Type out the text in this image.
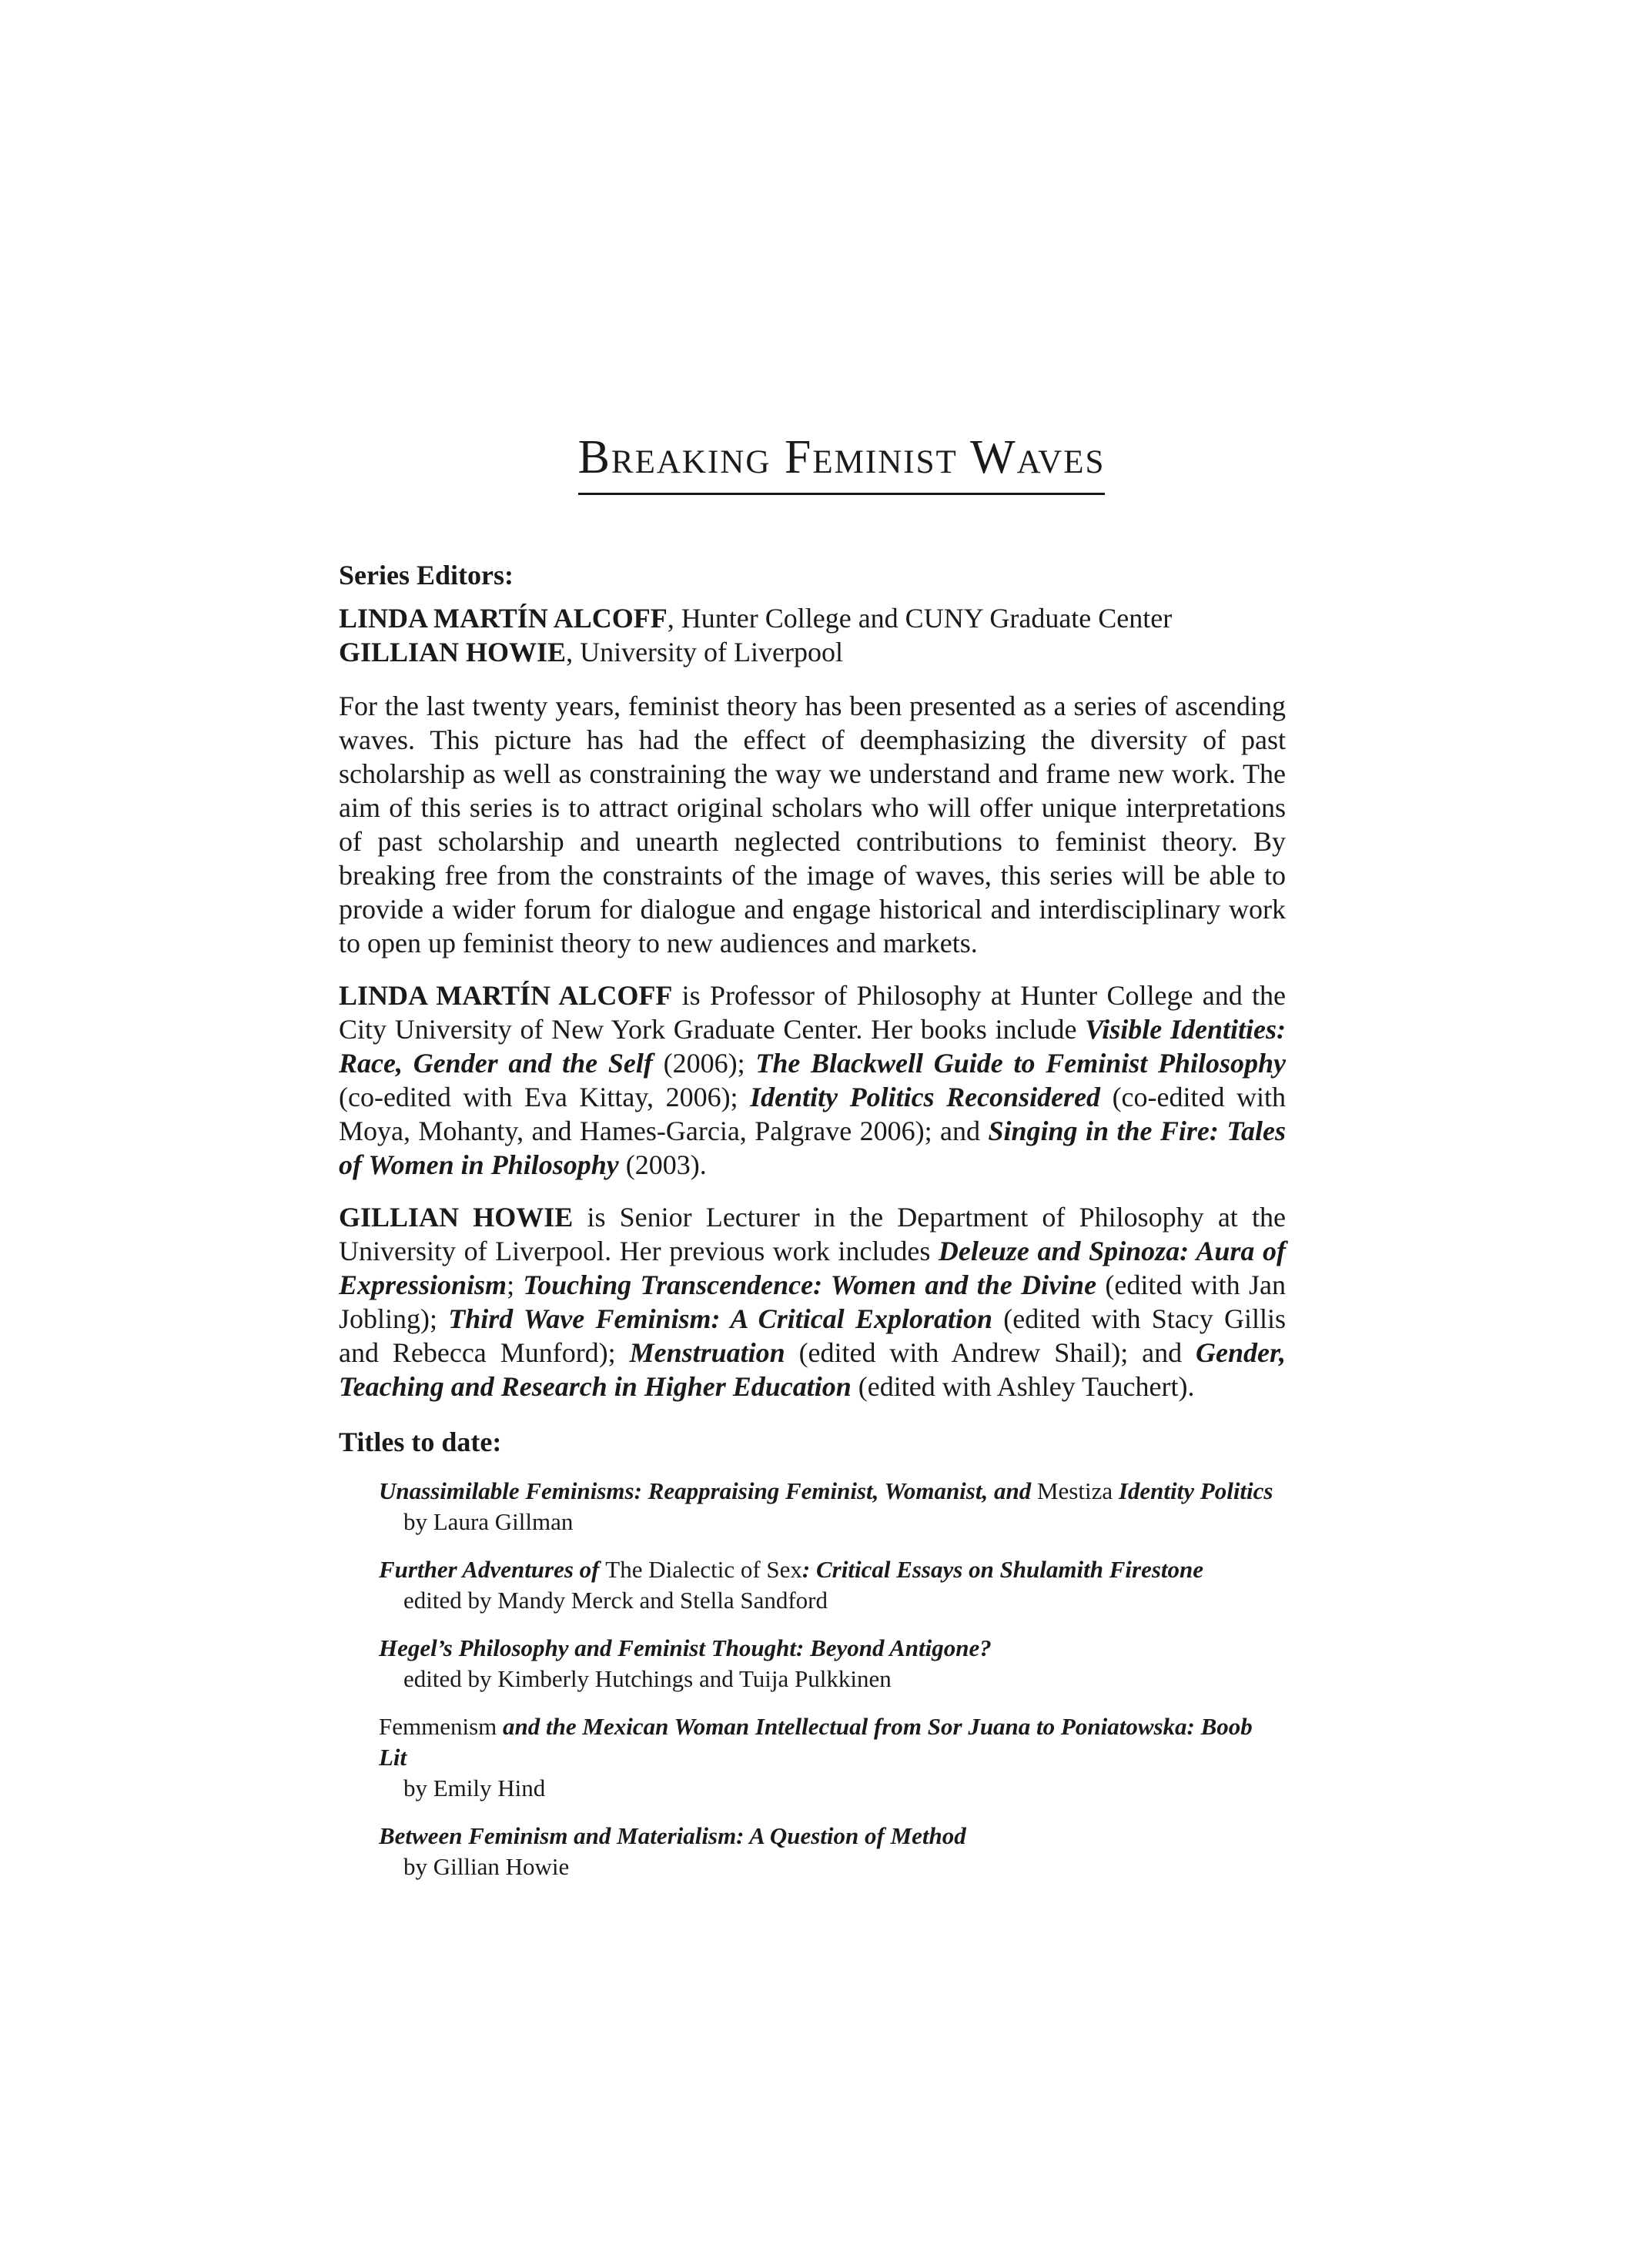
Breaking Feminist Waves
Series Editors:

LINDA MARTÍN ALCOFF, Hunter College and CUNY Graduate Center

GILLIAN HOWIE, University of Liverpool

For the last twenty years, feminist theory has been presented as a series of ascending waves. This picture has had the effect of deemphasizing the diversity of past scholarship as well as constraining the way we understand and frame new work. The aim of this series is to attract original scholars who will offer unique interpretations of past scholarship and unearth neglected contributions to feminist theory. By breaking free from the constraints of the image of waves, this series will be able to provide a wider forum for dialogue and engage historical and interdisciplinary work to open up feminist theory to new audiences and markets.

LINDA MARTÍN ALCOFF is Professor of Philosophy at Hunter College and the City University of New York Graduate Center. Her books include Visible Identities: Race, Gender and the Self (2006); The Blackwell Guide to Feminist Philosophy (co-edited with Eva Kittay, 2006); Identity Politics Reconsidered (co-edited with Moya, Mohanty, and Hames-Garcia, Palgrave 2006); and Singing in the Fire: Tales of Women in Philosophy (2003).

GILLIAN HOWIE is Senior Lecturer in the Department of Philosophy at the University of Liverpool. Her previous work includes Deleuze and Spinoza: Aura of Expressionism; Touching Transcendence: Women and the Divine (edited with Jan Jobling); Third Wave Feminism: A Critical Exploration (edited with Stacy Gillis and Rebecca Munford); Menstruation (edited with Andrew Shail); and Gender, Teaching and Research in Higher Education (edited with Ashley Tauchert).

Titles to date:
Unassimilable Feminisms: Reappraising Feminist, Womanist, and Mestiza Identity Politics
by Laura Gillman
Further Adventures of The Dialectic of Sex: Critical Essays on Shulamith Firestone
edited by Mandy Merck and Stella Sandford
Hegel’s Philosophy and Feminist Thought: Beyond Antigone?
edited by Kimberly Hutchings and Tuija Pulkkinen
Femmenism and the Mexican Woman Intellectual from Sor Juana to Poniatowska: Boob Lit
by Emily Hind
Between Feminism and Materialism: A Question of Method
by Gillian Howie
